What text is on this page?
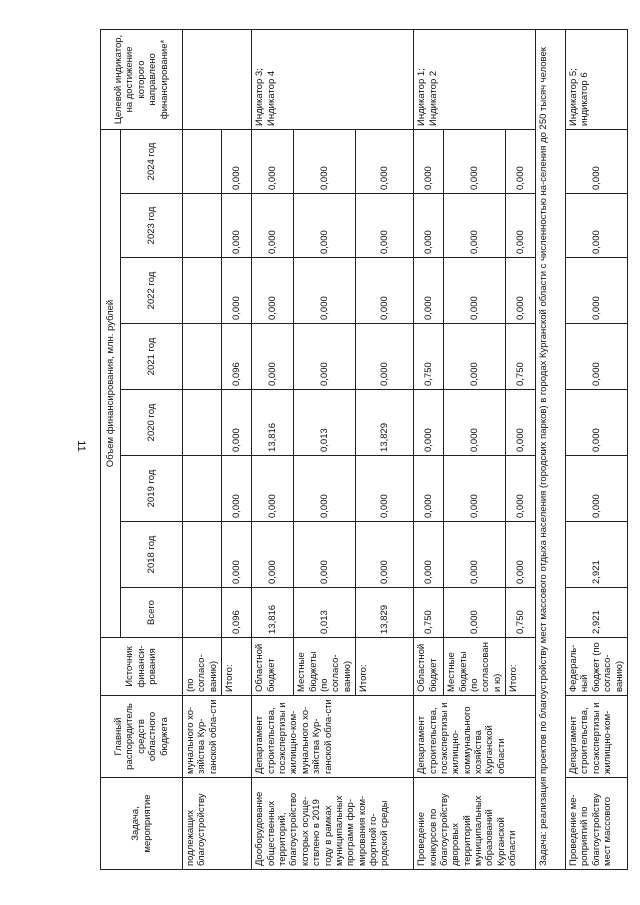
11
Задача, мероприятие	Главный распорядитель средств областного бюджета	Источник финанси-рования	Объем финансирования, млн. рублей								Целевой индикатор, на достижение которого направлено финансирование*
			Всего	2018 год	2019 год	2020 год	2021 год	2022 год	2023 год	2024 год	
подлежащих благоустройству	мунального хо-зяйства Кур-ганской обла-сти	(по согласо-ванию)									
		Итого:	0,096	0,000	0,000	0,000	0,096	0,000	0,000	0,000	
Дооборудование общественных территорий, благоустройство которых осуще-ствлено в 2019 году в рамках муниципальных программ фор-мирования ком-фортной го-родской среды	Департамент строительства, госэкспертизы и жилищно-ком-мунального хо-зяйства Кур-ганской обла-сти	Областной бюджет	13,816	0,000	0,000	13,816	0,000	0,000	0,000	0,000	Индикатор 3; Индикатор 4
		Местные бюджеты (по согласо-ванию)	0,013	0,000	0,000	0,013	0,000	0,000	0,000	0,000	
		Итого:	13,829	0,000	0,000	13,829	0,000	0,000	0,000	0,000	
Проведение конкурсов по благоустройству дворовых территорий муниципальных образований Курганской области	Департамент строительства, госэкспертизы и жилищно-коммунального хозяйства Курганской области	Областной бюджет	0,750	0,000	0,000	0,000	0,750	0,000	0,000	0,000	Индикатор 1; Индикатор 2
		Местные бюджеты (по согласовани ю)	0,000	0,000	0,000	0,000	0,000	0,000	0,000	0,000	
		Итого:	0,750	0,000	0,000	0,000	0,750	0,000	0,000	0,000	
Задача: реализация проектов по благоустройству мест массового отдыха населения (городских парков) в городах Курганской области с численностью на-селения до 250 тысяч человек											
Проведение ме-роприятий по благоустройству мест массового	Департамент строительства, госэкспертизы и жилищно-ком-	Федераль-ный бюджет (по согласо-ванию)	2,921	2,921	0,000	0,000	0,000	0,000	0,000	0,000	Индикатор 5; индикатор 6
